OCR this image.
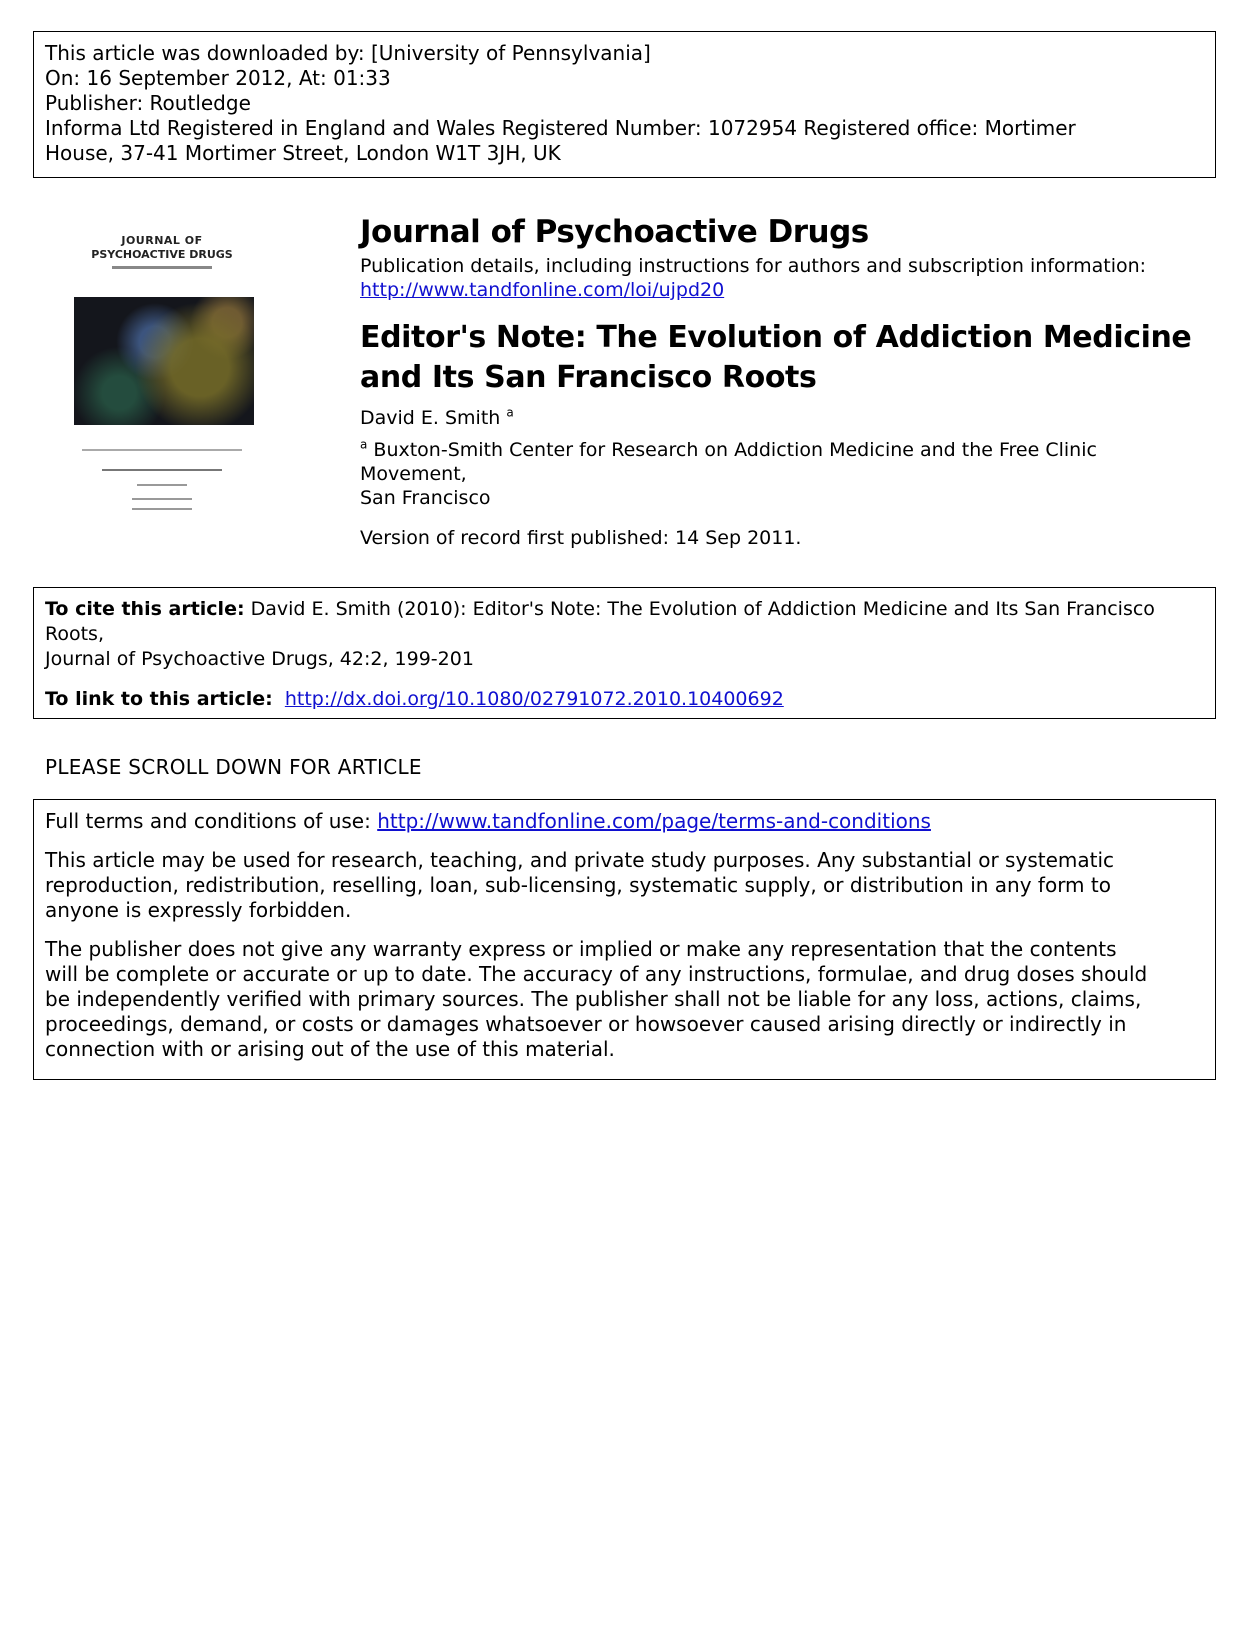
This article was downloaded by: [University of Pennsylvania]
On: 16 September 2012, At: 01:33
Publisher: Routledge
Informa Ltd Registered in England and Wales Registered Number: 1072954 Registered office: Mortimer
House, 37-41 Mortimer Street, London W1T 3JH, UK
JOURNAL OF
PSYCHOACTIVE DRUGS
Journal of Psychoactive Drugs
Publication details, including instructions for authors and subscription information:
http://www.tandfonline.com/loi/ujpd20
Editor's Note: The Evolution of Addiction Medicine
and Its San Francisco Roots
David E. Smith $^a$
$^a$ Buxton-Smith Center for Research on Addiction Medicine and the Free Clinic Movement,
San Francisco
Version of record first published: 14 Sep 2011.
To cite this article: David E. Smith (2010): Editor's Note: The Evolution of Addiction Medicine and Its San Francisco Roots,
Journal of Psychoactive Drugs, 42:2, 199-201
To link to this article: http://dx.doi.org/10.1080/02791072.2010.10400692
PLEASE SCROLL DOWN FOR ARTICLE

Full terms and conditions of use: http://www.tandfonline.com/page/terms-and-conditions

This article may be used for research, teaching, and private study purposes. Any substantial or systematic
reproduction, redistribution, reselling, loan, sub-licensing, systematic supply, or distribution in any form to
anyone is expressly forbidden.

The publisher does not give any warranty express or implied or make any representation that the contents
will be complete or accurate or up to date. The accuracy of any instructions, formulae, and drug doses should
be independently verified with primary sources. The publisher shall not be liable for any loss, actions, claims,
proceedings, demand, or costs or damages whatsoever or howsoever caused arising directly or indirectly in
connection with or arising out of the use of this material.
